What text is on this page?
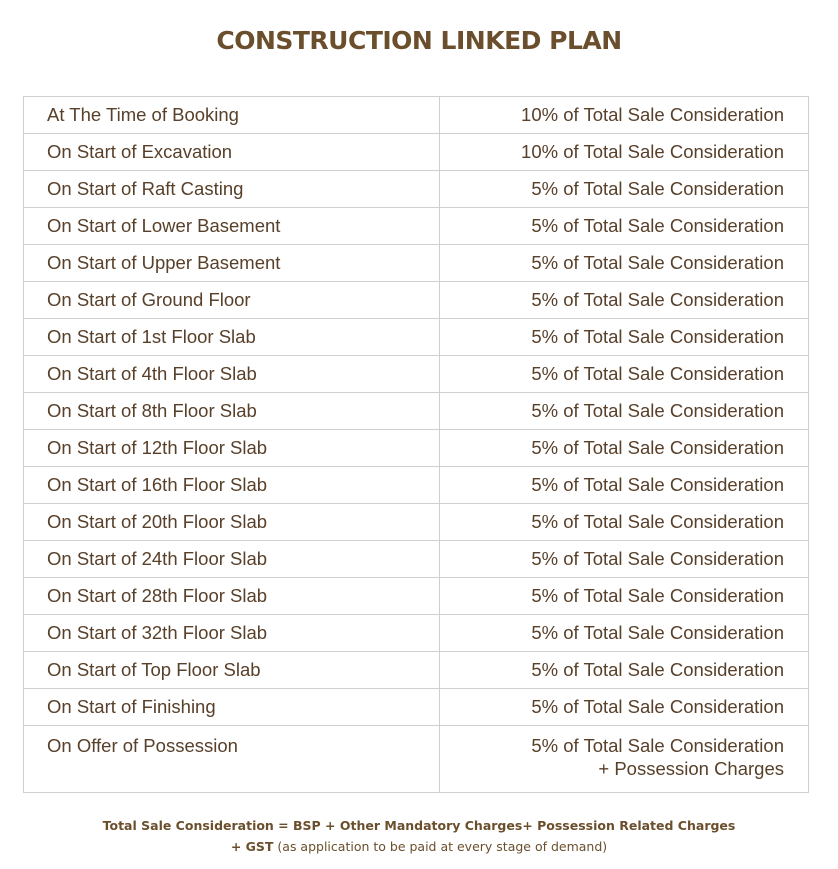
CONSTRUCTION LINKED PLAN
At The Time of Booking	10% of Total Sale Consideration
On Start of Excavation	10% of Total Sale Consideration
On Start of Raft Casting	5% of Total Sale Consideration
On Start of Lower Basement	5% of Total Sale Consideration
On Start of Upper Basement	5% of Total Sale Consideration
On Start of Ground Floor	5% of Total Sale Consideration
On Start of 1st Floor Slab	5% of Total Sale Consideration
On Start of 4th Floor Slab	5% of Total Sale Consideration
On Start of 8th Floor Slab	5% of Total Sale Consideration
On Start of 12th Floor Slab	5% of Total Sale Consideration
On Start of 16th Floor Slab	5% of Total Sale Consideration
On Start of 20th Floor Slab	5% of Total Sale Consideration
On Start of 24th Floor Slab	5% of Total Sale Consideration
On Start of 28th Floor Slab	5% of Total Sale Consideration
On Start of 32th Floor Slab	5% of Total Sale Consideration
On Start of Top Floor Slab	5% of Total Sale Consideration
On Start of Finishing	5% of Total Sale Consideration
On Offer of Possession	5% of Total Sale Consideration
+ Possession Charges
Total Sale Consideration = BSP + Other Mandatory Charges+ Possession Related Charges
+ GST (as application to be paid at every stage of demand)
